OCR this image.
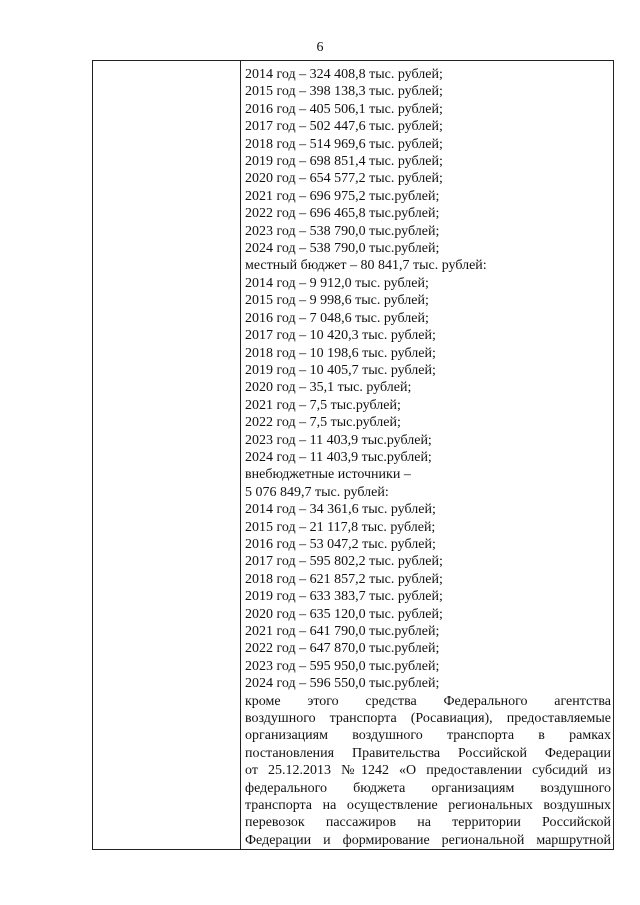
6
2014 год – 324 408,8 тыс. рублей;
2015 год – 398 138,3 тыс. рублей;
2016 год – 405 506,1 тыс. рублей;
2017 год – 502 447,6 тыс. рублей;
2018 год – 514 969,6 тыс. рублей;
2019 год – 698 851,4 тыс. рублей;
2020 год – 654 577,2 тыс. рублей;
2021 год – 696 975,2 тыс.рублей;
2022 год – 696 465,8 тыс.рублей;
2023 год – 538 790,0 тыс.рублей;
2024 год – 538 790,0 тыс.рублей;
местный бюджет – 80 841,7 тыс. рублей:
2014 год – 9 912,0 тыс. рублей;
2015 год – 9 998,6 тыс. рублей;
2016 год – 7 048,6 тыс. рублей;
2017 год – 10 420,3 тыс. рублей;
2018 год – 10 198,6 тыс. рублей;
2019 год – 10 405,7 тыс. рублей;
2020 год – 35,1 тыс. рублей;
2021 год – 7,5 тыс.рублей;
2022 год – 7,5 тыс.рублей;
2023 год – 11 403,9 тыс.рублей;
2024 год – 11 403,9 тыс.рублей;
внебюджетные источники –
5 076 849,7 тыс. рублей:
2014 год – 34 361,6 тыс. рублей;
2015 год – 21 117,8 тыс. рублей;
2016 год – 53 047,2 тыс. рублей;
2017 год – 595 802,2 тыс. рублей;
2018 год – 621 857,2 тыс. рублей;
2019 год – 633 383,7 тыс. рублей;
2020 год – 635 120,0 тыс. рублей;
2021 год – 641 790,0 тыс.рублей;
2022 год – 647 870,0 тыс.рублей;
2023 год – 595 950,0 тыс.рублей;
2024 год – 596 550,0 тыс.рублей;
кроме этого средства Федерального агентства
воздушного транспорта (Росавиация), предоставляемые
организациям воздушного транспорта в рамках
постановления Правительства Российской Федерации
от 25.12.2013 №1242 «О предоставлении субсидий из
федерального бюджета организациям воздушного
транспорта на осуществление региональных воздушных
перевозок пассажиров на территории Российской
Федерации и формирование региональной маршрутной
